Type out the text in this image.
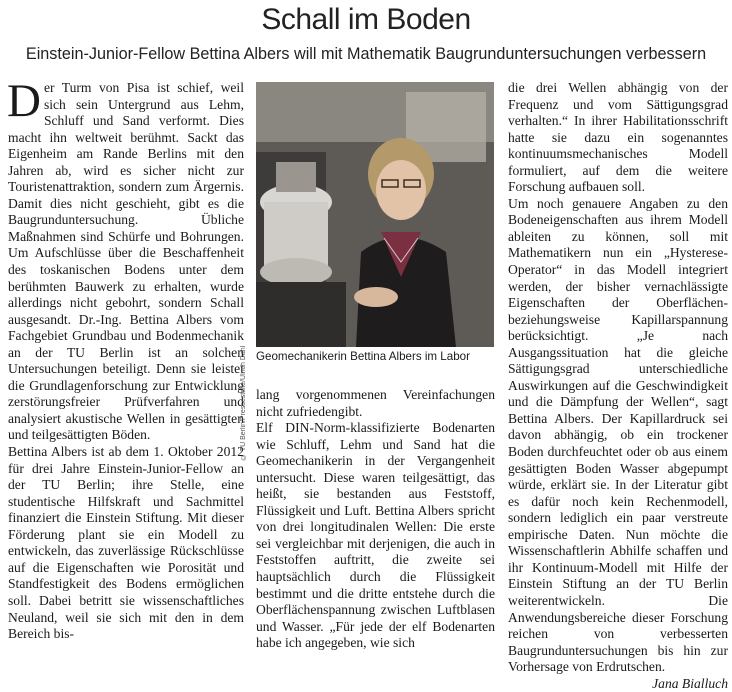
Schall im Boden
Einstein-Junior-Fellow Bettina Albers will mit Mathematik Baugrunduntersuchungen verbessern

Der Turm von Pisa ist schief, weil sich sein Untergrund aus Lehm, Schluff und Sand verformt. Dies macht ihn weltweit berühmt. Sackt das Eigenheim am Rande Berlins mit den Jahren ab, wird es sicher nicht zur Touristenattraktion, sondern zum Ärgernis. Damit dies nicht geschieht, gibt es die Baugrunduntersuchung. Übliche Maßnahmen sind Schürfe und Bohrungen. Um Aufschlüsse über die Beschaffenheit des toskanischen Bodens unter dem berühmten Bauwerk zu erhalten, wurde allerdings nicht gebohrt, sondern Schall ausgesandt. Dr.-Ing. Bettina Albers vom Fachgebiet Grundbau und Bodenmechanik an der TU Berlin ist an solchen Untersuchungen beteiligt. Denn sie leistet die Grundlagenforschung zur Entwicklung zerstörungsfreier Prüfverfahren und analysiert akustische Wellen in gesättigten und teilgesättigten Böden.

Bettina Albers ist ab dem 1. Oktober 2012 für drei Jahre Einstein-Junior-Fellow an der TU Berlin; ihre Stelle, eine studentische Hilfskraft und Sachmittel finanziert die Einstein Stiftung. Mit dieser Förderung plant sie ein Modell zu entwickeln, das zuverlässige Rückschlüsse auf die Eigenschaften wie Porosität und Standfestigkeit des Bodens ermöglichen soll. Dabei betritt sie wissenschaftliches Neuland, weil sie sich mit den in dem Bereich bis-

© TU Berlin/Pressestelle/Ulrich Dahl Geomechanikerin Bettina Albers im Labor

lang vorgenommenen Vereinfachungen nicht zufriedengibt.

Elf DIN-Norm-klassifizierte Bodenarten wie Schluff, Lehm und Sand hat die Geomechanikerin in der Vergangenheit untersucht. Diese waren teilgesättigt, das heißt, sie bestanden aus Feststoff, Flüssigkeit und Luft. Bettina Albers spricht von drei longitudinalen Wellen: Die erste sei vergleichbar mit derjenigen, die auch in Feststoffen auftritt, die zweite sei hauptsächlich durch die Flüssigkeit bestimmt und die dritte entstehe durch die Oberflächenspannung zwischen Luftblasen und Wasser. „Für jede der elf Bodenarten habe ich angegeben, wie sich

die drei Wellen abhängig von der Frequenz und vom Sättigungsgrad verhalten.“ In ihrer Habilitationsschrift hatte sie dazu ein sogenanntes kontinuumsmechanisches Modell formuliert, auf dem die weitere Forschung aufbauen soll.

Um noch genauere Angaben zu den Bodeneigenschaften aus ihrem Modell ableiten zu können, soll mit Mathematikern nun ein „Hysterese-Operator“ in das Modell integriert werden, der bisher vernachlässigte Eigenschaften der Oberflächen- beziehungsweise Kapillarspannung berücksichtigt. „Je nach Ausgangssituation hat die gleiche Sättigungsgrad unterschiedliche Auswirkungen auf die Geschwindigkeit und die Dämpfung der Wellen“, sagt Bettina Albers. Der Kapillardruck sei davon abhängig, ob ein trockener Boden durchfeuchtet oder ob aus einem gesättigten Boden Wasser abgepumpt würde, erklärt sie. In der Literatur gibt es dafür noch kein Rechenmodell, sondern lediglich ein paar verstreute empirische Daten. Nun möchte die Wissenschaftlerin Abhilfe schaffen und ihr Kontinuum-Modell mit Hilfe der Einstein Stiftung an der TU Berlin weiterentwickeln. Die Anwendungsbereiche dieser Forschung reichen von verbesserten Baugrunduntersuchungen bis hin zur Vorhersage von Erdrutschen.

Jana Bialluch
